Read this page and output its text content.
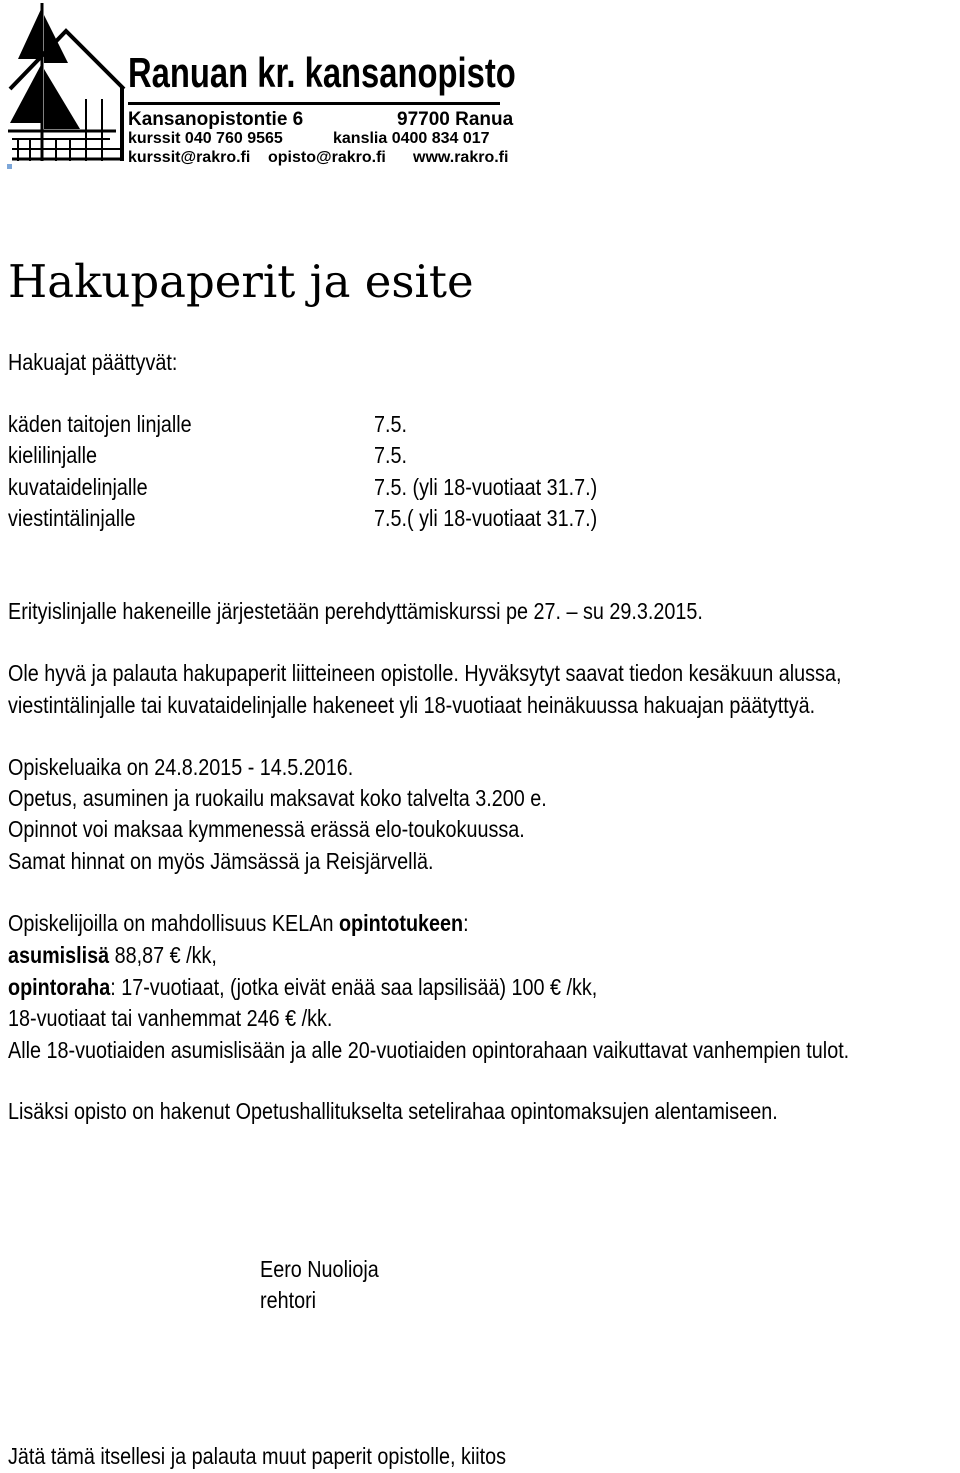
Ranuan kr. kansanopisto
Kansanopistontie 6	97700 Ranua
kurssit 040 760 9565	kanslia 0400 834 017
kurssit@rakro.fi opisto@rakro.fi www.rakro.fi
Hakupaperit ja esite
Hakuajat päättyvät:
käden taitojen linjalle	7.5.
kielilinjalle	7.5.
kuvataidelinjalle	7.5. (yli 18-vuotiaat 31.7.)
viestintälinjalle	7.5.( yli 18-vuotiaat 31.7.)
Erityislinjalle hakeneille järjestetään perehdyttämiskurssi pe 27. – su 29.3.2015.
Ole hyvä ja palauta hakupaperit liitteineen opistolle. Hyväksytyt saavat tiedon kesäkuun alussa,
viestintälinjalle tai kuvataidelinjalle hakeneet yli 18-vuotiaat heinäkuussa hakuajan päätyttyä.
Opiskeluaika on 24.8.2015 - 14.5.2016.
Opetus, asuminen ja ruokailu maksavat koko talvelta 3.200 e.
Opinnot voi maksaa kymmenessä erässä elo-toukokuussa.
Samat hinnat on myös Jämsässä ja Reisjärvellä.
Opiskelijoilla on mahdollisuus KELAn opintotukeen:
asumislisä 88,87 € /kk,
opintoraha: 17-vuotiaat, (jotka eivät enää saa lapsilisää) 100 € /kk,
18-vuotiaat tai vanhemmat 246 € /kk.
Alle 18-vuotiaiden asumislisään ja alle 20-vuotiaiden opintorahaan vaikuttavat vanhempien tulot.
Lisäksi opisto on hakenut Opetushallitukselta setelirahaa opintomaksujen alentamiseen.
Eero Nuolioja
rehtori
Jätä tämä itsellesi ja palauta muut paperit opistolle, kiitos
